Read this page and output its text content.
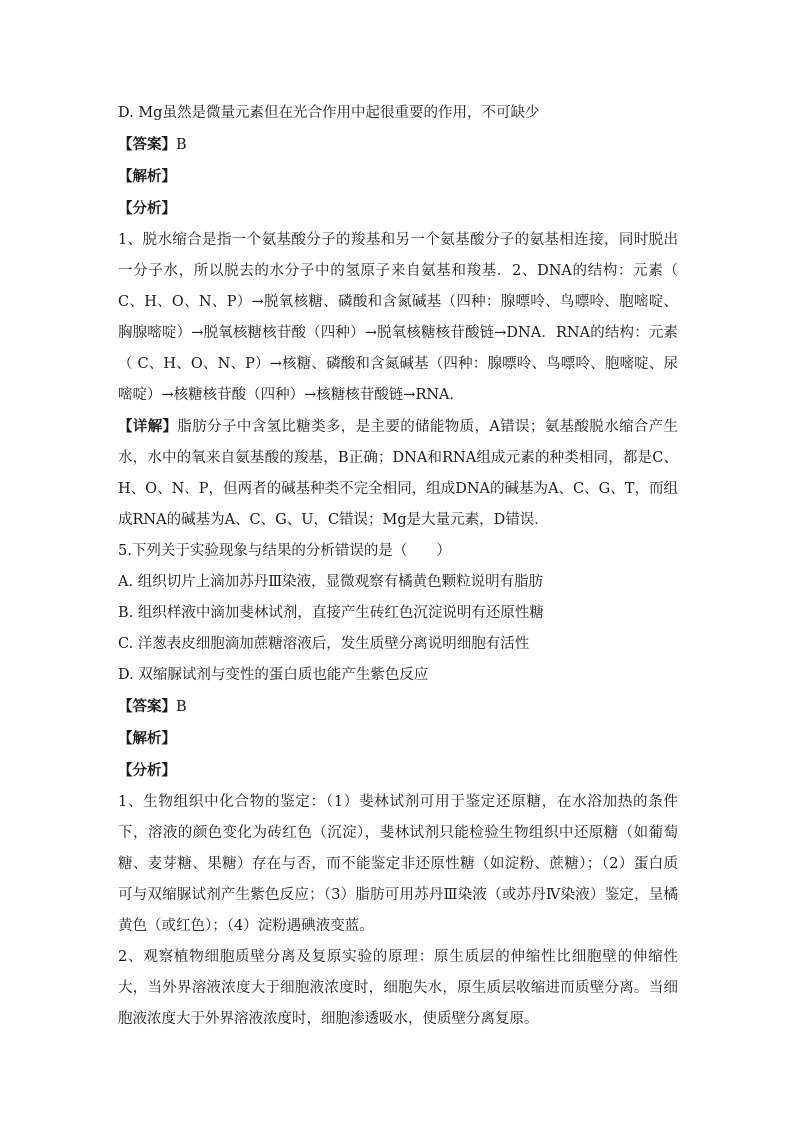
D. Mg虽然是微量元素但在光合作用中起很重要的作用，不可缺少

【答案】B

【解析】

【分析】

1、脱水缩合是指一个氨基酸分子的羧基和另一个氨基酸分子的氨基相连接，同时脱出一分子水，所以脱去的水分子中的氢原子来自氨基和羧基．2、DNA的结构：元素（ C、H、O、N、P）→脱氧核糖、磷酸和含氮碱基（四种：腺嘌呤、鸟嘌呤、胞嘧啶、胸腺嘧啶）→脱氧核糖核苷酸（四种）→脱氧核糖核苷酸链→DNA．RNA的结构：元素（ C、H、O、N、P）→核糖、磷酸和含氮碱基（四种：腺嘌呤、鸟嘌呤、胞嘧啶、尿嘧啶）→核糖核苷酸（四种）→核糖核苷酸链→RNA．

【详解】脂肪分子中含氢比糖类多，是主要的储能物质，A错误；氨基酸脱水缩合产生水，水中的氧来自氨基酸的羧基，B正确；DNA和RNA组成元素的种类相同，都是C、H、O、N、P，但两者的碱基种类不完全相同，组成DNA的碱基为A、C、G、T，而组成RNA的碱基为A、C、G、U，C错误；Mg是大量元素，D错误．

5.下列关于实验现象与结果的分析错误的是（　　）

A. 组织切片上滴加苏丹Ⅲ染液，显微观察有橘黄色颗粒说明有脂肪

B. 组织样液中滴加斐林试剂，直接产生砖红色沉淀说明有还原性糖

C. 洋葱表皮细胞滴加蔗糖溶液后，发生质壁分离说明细胞有活性

D. 双缩脲试剂与变性的蛋白质也能产生紫色反应

【答案】B

【解析】

【分析】

1、生物组织中化合物的鉴定：（1）斐林试剂可用于鉴定还原糖，在水浴加热的条件下，溶液的颜色变化为砖红色（沉淀），斐林试剂只能检验生物组织中还原糖（如葡萄糖、麦芽糖、果糖）存在与否，而不能鉴定非还原性糖（如淀粉、蔗糖）；（2）蛋白质可与双缩脲试剂产生紫色反应；（3）脂肪可用苏丹Ⅲ染液（或苏丹Ⅳ染液）鉴定，呈橘黄色（或红色）；（4）淀粉遇碘液变蓝。

2、观察植物细胞质壁分离及复原实验的原理：原生质层的伸缩性比细胞壁的伸缩性大，当外界溶液浓度大于细胞液浓度时，细胞失水，原生质层收缩进而质壁分离。当细胞液浓度大于外界溶液浓度时，细胞渗透吸水，使质壁分离复原。
